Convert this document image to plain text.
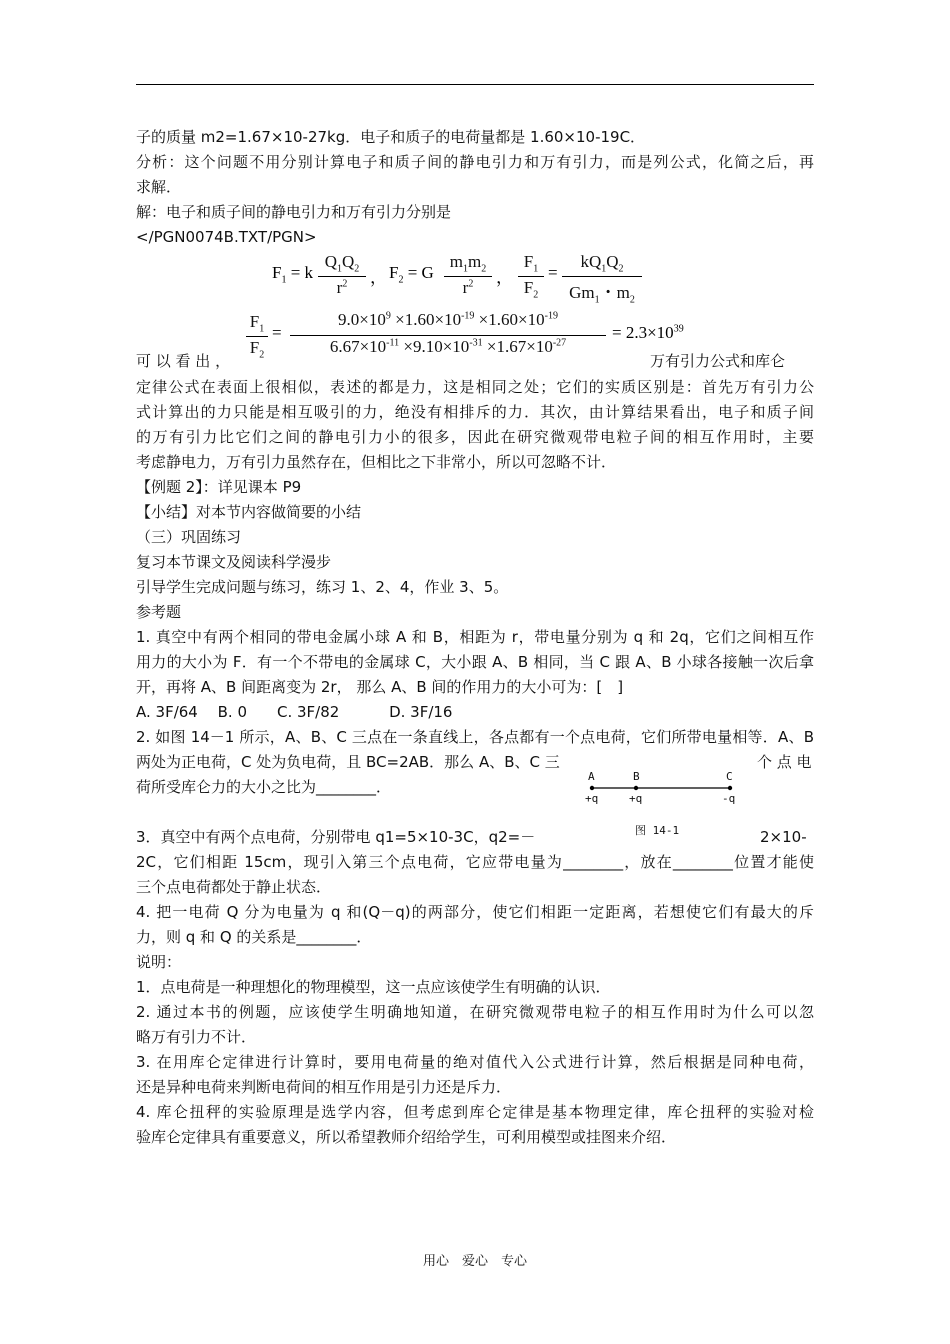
子的质量 m2=1.67×10-27kg．电子和质子的电荷量都是 1.60×10-19C．
分析：这个问题不用分别计算电子和质子间的静电引力和万有引力，而是列公式，化简之后，再
求解．
解：电子和质子间的静电引力和万有引力分别是
</PGN0074B.TXT/PGN>
$F_1 = k$
$Q_1Q_2$
$r^2$	， $F_2 = G$
$m_1m_2$
$r^2$	，
$F_1$
$F_2$
=
$kQ_1Q_2$
$Gm_1$・$m_2$
$F_1$
$F_2$
=
$9.0\times 10^9 \times 1.60\times 10^{-19} \times 1.60\times 10^{-19}$
$6.67\times 10^{-11} \times 9.10\times 10^{-31} \times 1.67\times 10^{-27}$
= $2.3\times 10^{39}$
可 以 看 出 ，	万有引力公式和库仑
定律公式在表面上很相似，表述的都是力，这是相同之处；它们的实质区别是：首先万有引力公
式计算出的力只能是相互吸引的力，绝没有相排斥的力．其次，由计算结果看出，电子和质子间
的万有引力比它们之间的静电引力小的很多，因此在研究微观带电粒子间的相互作用时，主要
考虑静电力，万有引力虽然存在，但相比之下非常小，所以可忽略不计．
【例题 2】：详见课本 P9
【小结】对本节内容做简要的小结
（三）巩固练习
复习本节课文及阅读科学漫步
引导学生完成问题与练习，练习 1、2、4，作业 3、5。
参考题
1. 真空中有两个相同的带电金属小球 A 和 B，相距为 r，带电量分别为 q 和 2q，它们之间相互作
用力的大小为 F．有一个不带电的金属球 C，大小跟 A、B 相同，当 C 跟 A、B 小球各接触一次后拿
开，再将 A、B 间距离变为 2r， 那么 A、B 间的作用力的大小可为：[　]
A. 3F/64　 B. 0　　C. 3F/82　　　 D. 3F/16
2. 如图 14－1 所示，A、B、C 三点在一条直线上，各点都有一个点电荷，它们所带电量相等．A、B
两处为正电荷，C 处为负电荷，且 BC=2AB．那么 A、B、C 三	个 点 电
荷所受库仑力的大小之比为________．
A	B	C
+q	+q	-q
图 14-1
3．真空中有两个点电荷，分别带电 q1=5×10-3C，q2=－	2×10-
2C，它们相距 15cm，现引入第三个点电荷，它应带电量为________，放在________位置才能使
三个点电荷都处于静止状态．
4. 把一电荷 Q 分为电量为 q 和(Q－q)的两部分，使它们相距一定距离，若想使它们有最大的斥
力，则 q 和 Q 的关系是________．
说明：
1．点电荷是一种理想化的物理模型，这一点应该使学生有明确的认识．
2. 通过本书的例题，应该使学生明确地知道，在研究微观带电粒子的相互作用时为什么可以忽
略万有引力不计．
3. 在用库仑定律进行计算时，要用电荷量的绝对值代入公式进行计算，然后根据是同种电荷，
还是异种电荷来判断电荷间的相互作用是引力还是斥力．
4. 库仑扭秤的实验原理是选学内容，但考虑到库仑定律是基本物理定律，库仑扭秤的实验对检
验库仑定律具有重要意义，所以希望教师介绍给学生，可利用模型或挂图来介绍．
用心　爱心　专心
